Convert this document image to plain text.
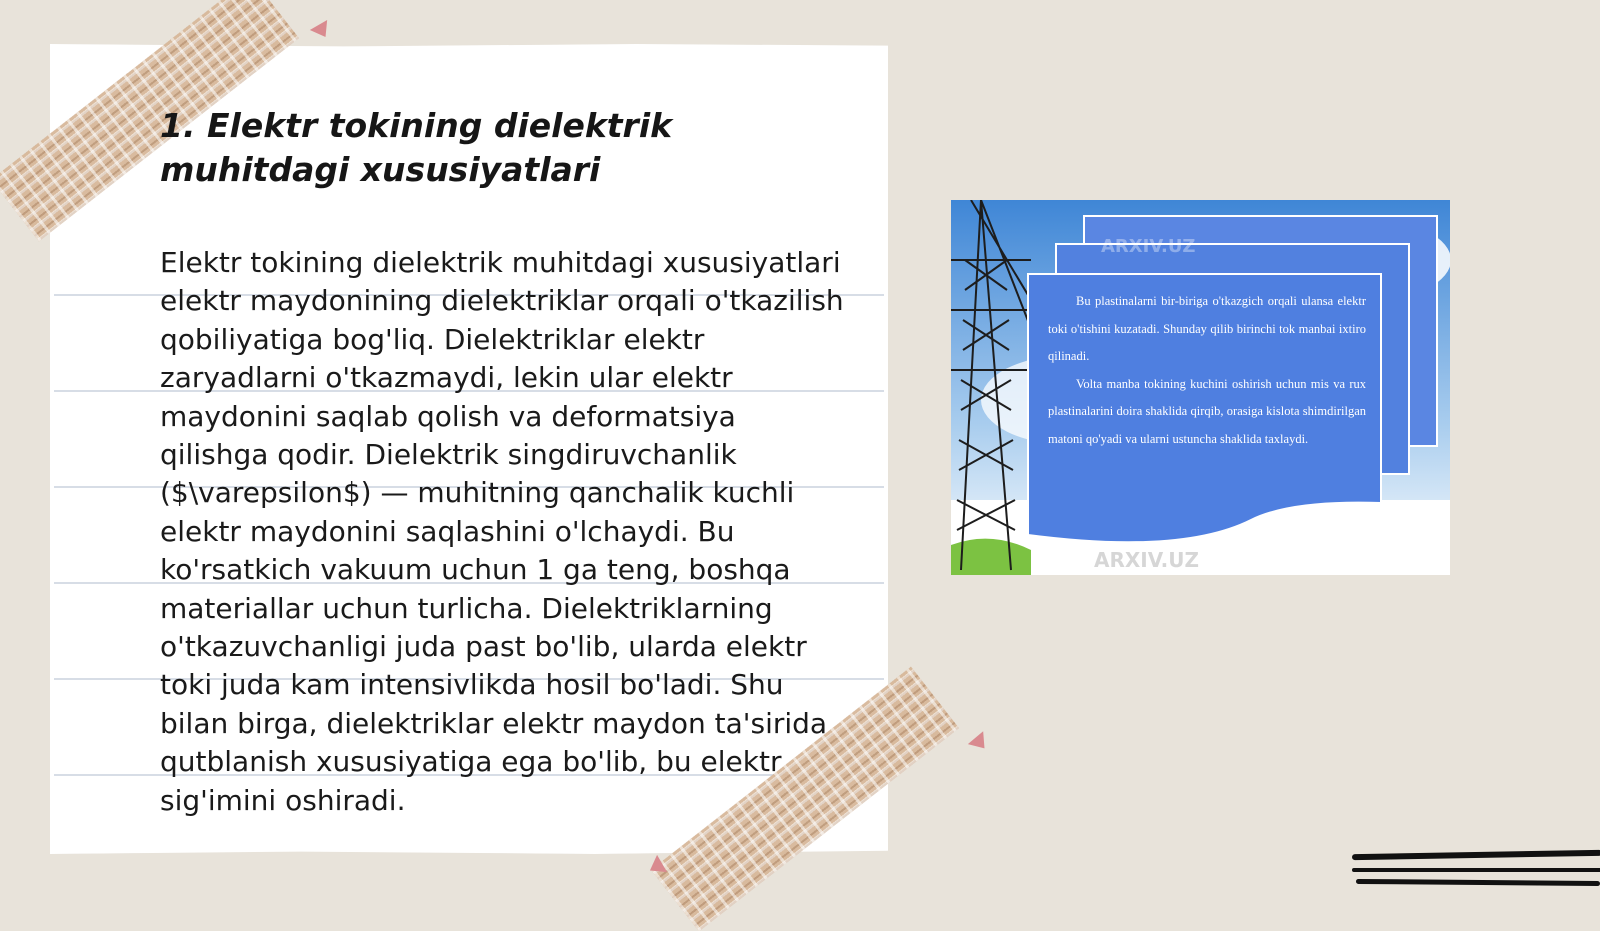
1. Elektr tokining dielektrik muhitdagi xususiyatlari

Elektr tokining dielektrik muhitdagi xususiyatlari elektr maydonining dielektriklar orqali o'tkazilish qobiliyatiga bog'liq. Dielektriklar elektr zaryadlarni o'tkazmaydi, lekin ular elektr maydonini saqlab qolish va deformatsiya qilishga qodir. Dielektrik singdiruvchanlik ($\varepsilon$) — muhitning qanchalik kuchli elektr maydonini saqlashini o'lchaydi. Bu ko'rsatkich vakuum uchun 1 ga teng, boshqa materiallar uchun turlicha. Dielektriklarning o'tkazuvchanligi juda past bo'lib, ularda elektr toki juda kam intensivlikda hosil bo'ladi. Shu bilan birga, dielektriklar elektr maydon ta'sirida qutblanish xususiyatiga ega bo'lib, bu elektr sig'imini oshiradi.

ARXIV.UZ
ARXIV.UZ
Bu plastinalarni bir-biriga o'tkazgich orqali ulansa elektr toki o'tishini kuzatadi. Shunday qilib birinchi tok manbai ixtiro qilinadi.
Volta manba tokining kuchini oshirish uchun mis va rux plastinalarini doira shaklida qirqib, orasiga kislota shimdirilgan matoni qo'yadi va ularni ustuncha shaklida taxlaydi.
